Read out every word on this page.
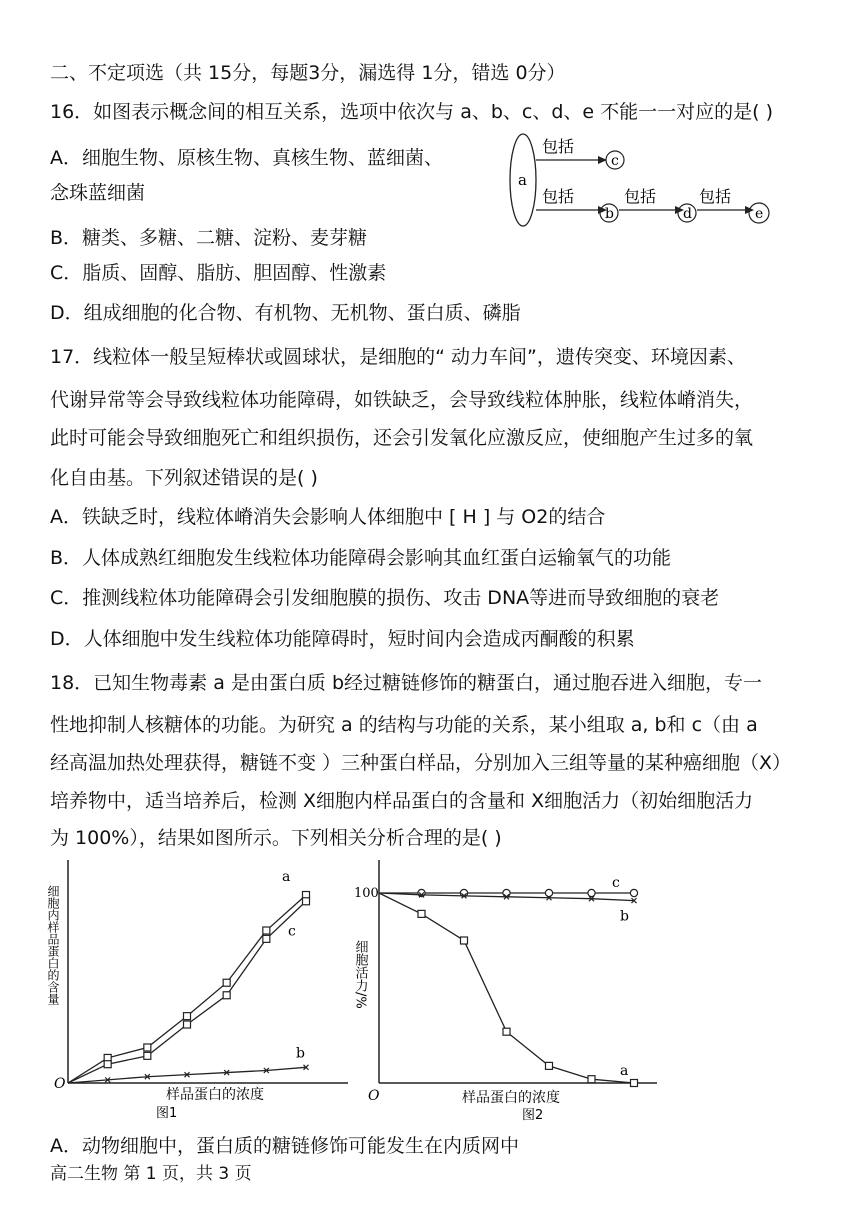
二、不定项选（共 15分，每题3分，漏选得 1分，错选 0分）
16．如图表示概念间的相互关系，选项中依次与 a、b、c、d、e 不能一一对应的是( )
A．细胞生物、原核生物、真核生物、蓝细菌、
念珠蓝细菌
B．糖类、多糖、二糖、淀粉、麦芽糖
C．脂质、固醇、脂肪、胆固醇、性激素
D．组成细胞的化合物、有机物、无机物、蛋白质、磷脂
a
包括
c
包括
b
包括
d
包括
e
17．线粒体一般呈短棒状或圆球状，是细胞的“ 动力车间”，遗传突变、环境因素、
代谢异常等会导致线粒体功能障碍，如铁缺乏，会导致线粒体肿胀，线粒体嵴消失，
此时可能会导致细胞死亡和组织损伤，还会引发氧化应激反应，使细胞产生过多的氧
化自由基。下列叙述错误的是( )
A．铁缺乏时，线粒体嵴消失会影响人体细胞中 [ H ] 与 O2的结合
B．人体成熟红细胞发生线粒体功能障碍会影响其血红蛋白运输氧气的功能
C．推测线粒体功能障碍会引发细胞膜的损伤、攻击 DNA等进而导致细胞的衰老
D．人体细胞中发生线粒体功能障碍时，短时间内会造成丙酮酸的积累
18．已知生物毒素 a 是由蛋白质 b经过糖链修饰的糖蛋白，通过胞吞进入细胞，专一
性地抑制人核糖体的功能。为研究 a 的结构与功能的关系，某小组取 a, b和 c（由 a
经高温加热处理获得，糖链不变 ）三种蛋白样品，分别加入三组等量的某种癌细胞（X）
培养物中，适当培养后，检测 X细胞内样品蛋白的含量和 X细胞活力（初始细胞活力
为 100%），结果如图所示。下列相关分析合理的是( )
O
细胞内样品蛋白的含量
样品蛋白的浓度
图1
a
c
b
100
O
细胞活力/%
样品蛋白的浓度
图2
c
b
a
A．动物细胞中，蛋白质的糖链修饰可能发生在内质网中
高二生物 第 1 页，共 3 页
